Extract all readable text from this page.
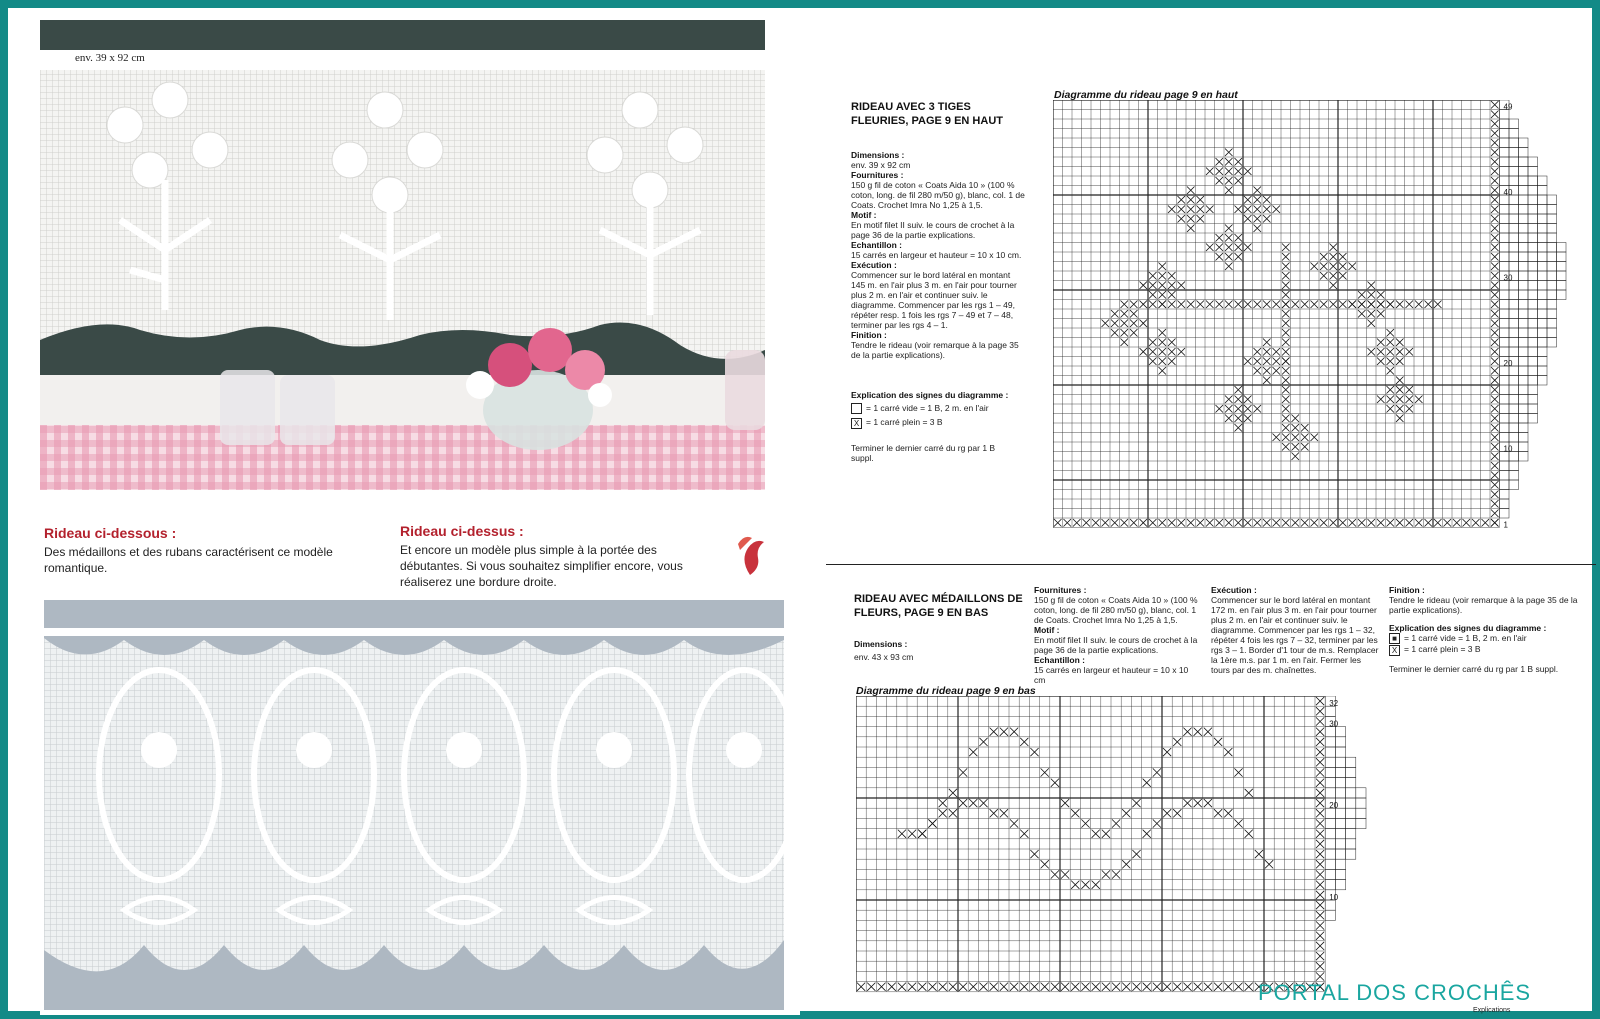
env. 39 x 92 cm
Rideau ci-dessous :
Des médaillons et des rubans caractérisent ce modèle romantique.
Rideau ci-dessus :
Et encore un modèle plus simple à la portée des débutantes. Si vous souhaitez simplifier encore, vous réaliserez une bordure droite.
RIDEAU AVEC 3 TIGES FLEURIES, PAGE 9 EN HAUT
Dimensions :
env. 39 x 92 cm
Fournitures :
150 g fil de coton « Coats Aida 10 » (100 % coton, long. de fil 280 m/50 g), blanc, col. 1 de Coats. Crochet Imra No 1,25 à 1,5.
Motif :
En motif filet II suiv. le cours de crochet à la page 36 de la partie explications.
Echantillon :
15 carrés en largeur et hauteur = 10 x 10 cm.
Exécution :
Commencer sur le bord latéral en montant 145 m. en l'air plus 3 m. en l'air pour tourner plus 2 m. en l'air et continuer suiv. le diagramme. Commencer par les rgs 1 – 49, répéter resp. 1 fois les rgs 7 – 49 et 7 – 48, terminer par les rgs 4 – 1.
Finition :
Tendre le rideau (voir remarque à la page 35 de la partie explications).
Explication des signes du diagramme :
= 1 carré vide = 1 B, 2 m. en l'air
X = 1 carré plein = 3 B
Terminer le dernier carré du rg par 1 B suppl.
Diagramme du rideau page 9 en haut
49
40
30
20
10
1
RIDEAU AVEC MÉDAILLONS DE FLEURS, PAGE 9 EN BAS
Dimensions :
env. 43 x 93 cm
Fournitures :
150 g fil de coton « Coats Aida 10 » (100 % coton, long. de fil 280 m/50 g), blanc, col. 1 de Coats. Crochet Imra No 1,25 à 1,5.
Motif :
En motif filet II suiv. le cours de crochet à la page 36 de la partie explications.
Echantillon :
15 carrés en largeur et hauteur = 10 x 10 cm
Exécution :
Commencer sur le bord latéral en montant 172 m. en l'air plus 3 m. en l'air pour tourner plus 2 m. en l'air et continuer suiv. le diagramme. Commencer par les rgs 1 – 32, répéter 4 fois les rgs 7 – 32, terminer par les rgs 3 – 1. Border d'1 tour de m.s. Remplacer la 1ère m.s. par 1 m. en l'air. Fermer les tours par des m. chaînettes.
Finition :
Tendre le rideau (voir remarque à la page 35 de la partie explications).
Explication des signes du diagramme :
■ = 1 carré vide = 1 B, 2 m. en l'air
X = 1 carré plein = 3 B
Terminer le dernier carré du rg par 1 B suppl.
Diagramme du rideau page 9 en bas
32
30
20
10
PORTAL DOS CROCHÊS
Explications
